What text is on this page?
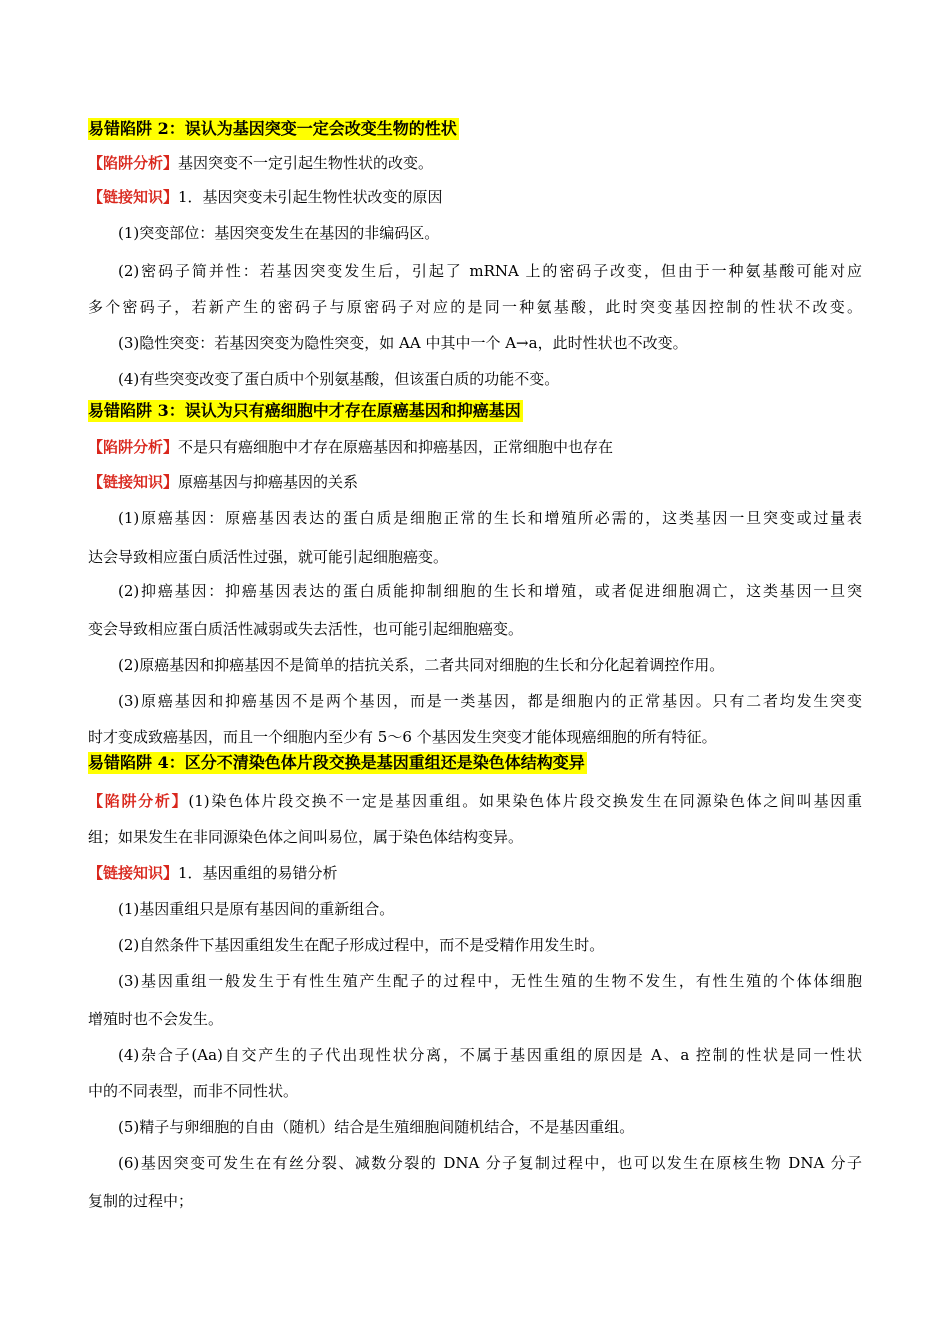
易错陷阱 2：误认为基因突变一定会改变生物的性状
【陷阱分析】基因突变不一定引起生物性状的改变。
【链接知识】1．基因突变未引起生物性状改变的原因
(1)突变部位：基因突变发生在基因的非编码区。
(2)密码子简并性：若基因突变发生后，引起了 mRNA 上的密码子改变，但由于一种氨基酸可能对应
多个密码子，若新产生的密码子与原密码子对应的是同一种氨基酸，此时突变基因控制的性状不改变。
(3)隐性突变：若基因突变为隐性突变，如 AA 中其中一个 A→a，此时性状也不改变。
(4)有些突变改变了蛋白质中个别氨基酸，但该蛋白质的功能不变。
易错陷阱 3：误认为只有癌细胞中才存在原癌基因和抑癌基因
【陷阱分析】不是只有癌细胞中才存在原癌基因和抑癌基因，正常细胞中也存在
【链接知识】原癌基因与抑癌基因的关系
(1)原癌基因：原癌基因表达的蛋白质是细胞正常的生长和增殖所必需的，这类基因一旦突变或过量表
达会导致相应蛋白质活性过强，就可能引起细胞癌变。
(2)抑癌基因：抑癌基因表达的蛋白质能抑制细胞的生长和增殖，或者促进细胞凋亡，这类基因一旦突
变会导致相应蛋白质活性减弱或失去活性，也可能引起细胞癌变。
(2)原癌基因和抑癌基因不是简单的拮抗关系，二者共同对细胞的生长和分化起着调控作用。
(3)原癌基因和抑癌基因不是两个基因，而是一类基因，都是细胞内的正常基因。只有二者均发生突变
时才变成致癌基因，而且一个细胞内至少有 5～6 个基因发生突变才能体现癌细胞的所有特征。
易错陷阱 4：区分不清染色体片段交换是基因重组还是染色体结构变异
【陷阱分析】(1)染色体片段交换不一定是基因重组。如果染色体片段交换发生在同源染色体之间叫基因重
组；如果发生在非同源染色体之间叫易位，属于染色体结构变异。
【链接知识】1．基因重组的易错分析
(1)基因重组只是原有基因间的重新组合。
(2)自然条件下基因重组发生在配子形成过程中，而不是受精作用发生时。
(3)基因重组一般发生于有性生殖产生配子的过程中，无性生殖的生物不发生，有性生殖的个体体细胞
增殖时也不会发生。
(4)杂合子(Aa)自交产生的子代出现性状分离，不属于基因重组的原因是 A、a 控制的性状是同一性状
中的不同表型，而非不同性状。
(5)精子与卵细胞的自由（随机）结合是生殖细胞间随机结合，不是基因重组。
(6)基因突变可发生在有丝分裂、减数分裂的 DNA 分子复制过程中，也可以发生在原核生物 DNA 分子
复制的过程中；
